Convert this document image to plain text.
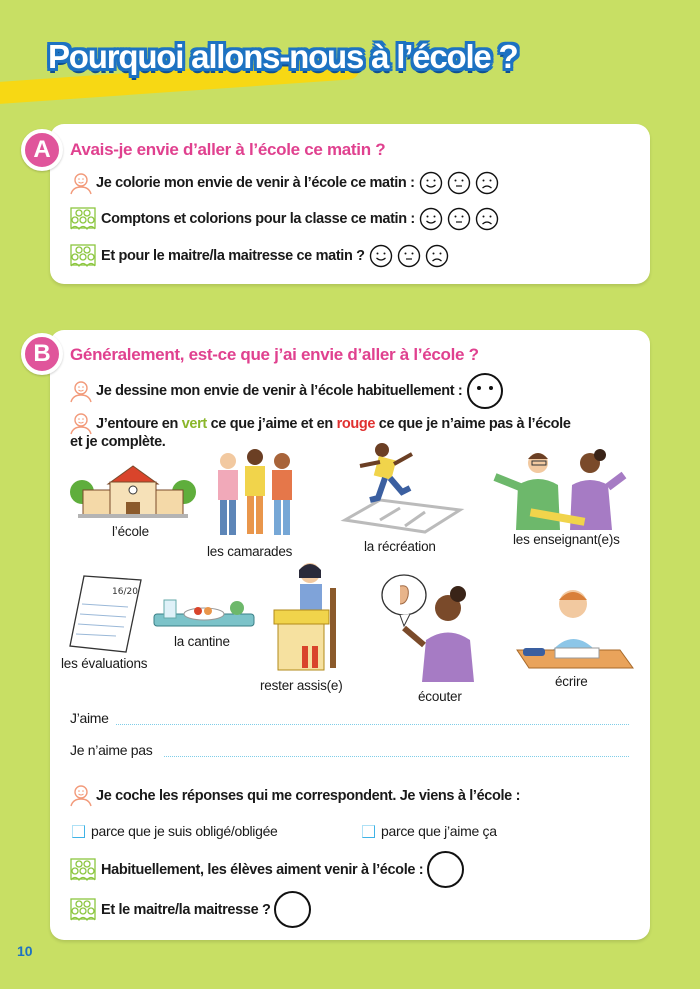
Pourquoi allons-nous à l’école ?
A	Avais-je envie d’aller à l’école ce matin ?
Je colorie mon envie de venir à l’école ce matin :
Comptons et colorions pour la classe ce matin :
Et pour le maitre/la maitresse ce matin ?
B	Généralement, est-ce que j’ai envie d’aller à l’école ?
Je dessine mon envie de venir à l’école habituellement :
J’entoure en vert ce que j’aime et en rouge ce que je n’aime pas à l’école
et je complète.
l’école
les camarades	la récréation	les enseignant(e)s
16/20
les évaluations
la cantine
rester assis(e)
écouter
écrire
J’aime
Je n’aime pas
Je coche les réponses qui me correspondent. Je viens à l’école :
parce que je suis obligé/obligée	parce que j’aime ça
Habituellement, les élèves aiment venir à l’école :
Et le maitre/la maitresse ?
10
